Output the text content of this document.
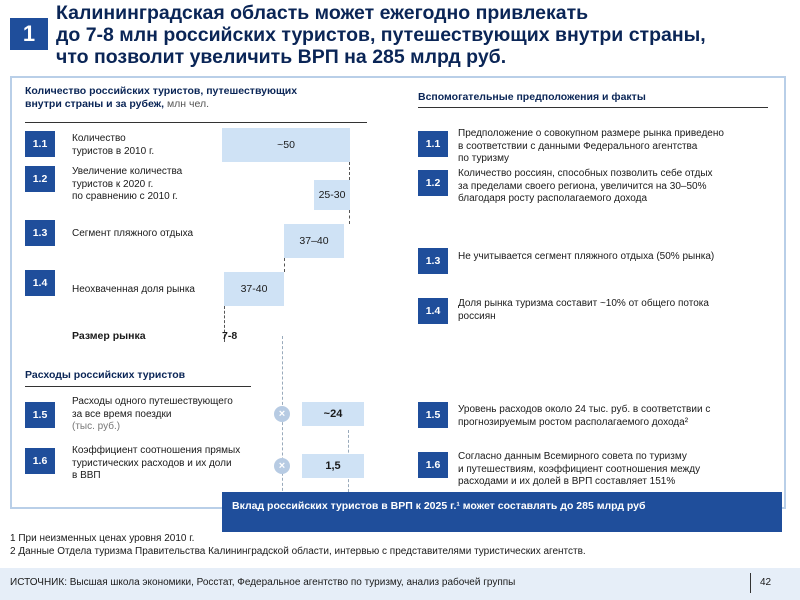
1
Калининградская область может ежегодно привлекать
до 7-8 млн российских туристов, путешествующих внутри страны,
что позволит увеличить ВРП на 285 млрд руб.
Количество российских туристов, путешествующих
внутри страны и за рубеж, млн чел.
Вспомогательные предположения и факты
1.1	Количество
туристов в 2010 г.	~50
1.2
Увеличение количества
туристов к 2020 г.
по сравнению с 2010 г.	25-30
1.3	Сегмент пляжного отдыха
37–40
1.4
Неохваченная доля рынка	37-40
Размер рынка	7-8
Расходы российских туристов
1.5
Расходы одного путешествующего
за все время поездки
(тыс. руб.)
×	~24
1.6
Коэффициент соотношения прямых
туристических расходов и их доли
в ВВП
×	1,5
1.1
Предположение о совокупном размере рынка приведено
в соответствии с данными Федерального агентства
по туризму
1.2
Количество россиян, способных позволить себе отдых
за пределами своего региона, увеличится на 30–50%
благодаря росту располагаемого дохода
1.3	Не учитывается сегмент пляжного отдыха (50% рынка)
1.4
Доля рынка туризма составит ~10% от общего потока
россиян
1.5	Уровень расходов около 24 тыс. руб. в соответствии с
прогнозируемым ростом располагаемого дохода²
1.6
Согласно данным Всемирного совета по туризму
и путешествиям, коэффициент соотношения между
расходами и их долей в ВРП составляет 151%
Вклад российских туристов в ВРП к 2025 г.¹ может составлять до 285 млрд руб
1 При неизменных ценах уровня 2010 г.
2 Данные Отдела туризма Правительства Калининградской области, интервью с представителями туристических агентств.
ИСТОЧНИК: Высшая школа экономики, Росстат, Федеральное агентство по туризму, анализ рабочей группы	42
